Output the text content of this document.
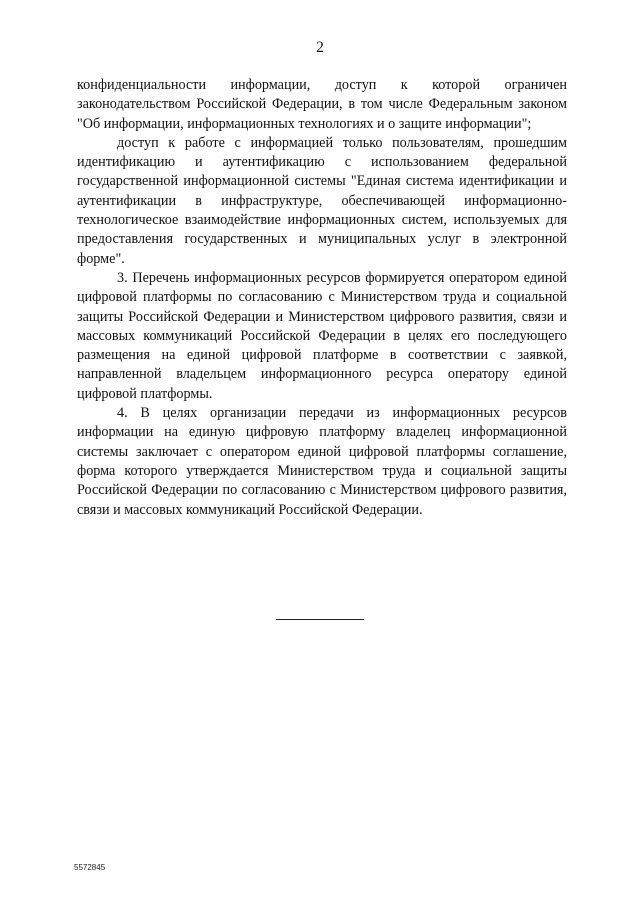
2

конфиденциальности информации, доступ к которой ограничен законодательством Российской Федерации, в том числе Федеральным законом "Об информации, информационных технологиях и о защите информации";

доступ к работе с информацией только пользователям, прошедшим идентификацию и аутентификацию с использованием федеральной государственной информационной системы "Единая система идентификации и аутентификации в инфраструктуре, обеспечивающей информационно-технологическое взаимодействие информационных систем, используемых для предоставления государственных и муниципальных услуг в электронной форме".

3. Перечень информационных ресурсов формируется оператором единой цифровой платформы по согласованию с Министерством труда и социальной защиты Российской Федерации и Министерством цифрового развития, связи и массовых коммуникаций Российской Федерации в целях его последующего размещения на единой цифровой платформе в соответствии с заявкой, направленной владельцем информационного ресурса оператору единой цифровой платформы.

4. В целях организации передачи из информационных ресурсов информации на единую цифровую платформу владелец информационной системы заключает с оператором единой цифровой платформы соглашение, форма которого утверждается Министерством труда и социальной защиты Российской Федерации по согласованию с Министерством цифрового развития, связи и массовых коммуникаций Российской Федерации.

5572845
